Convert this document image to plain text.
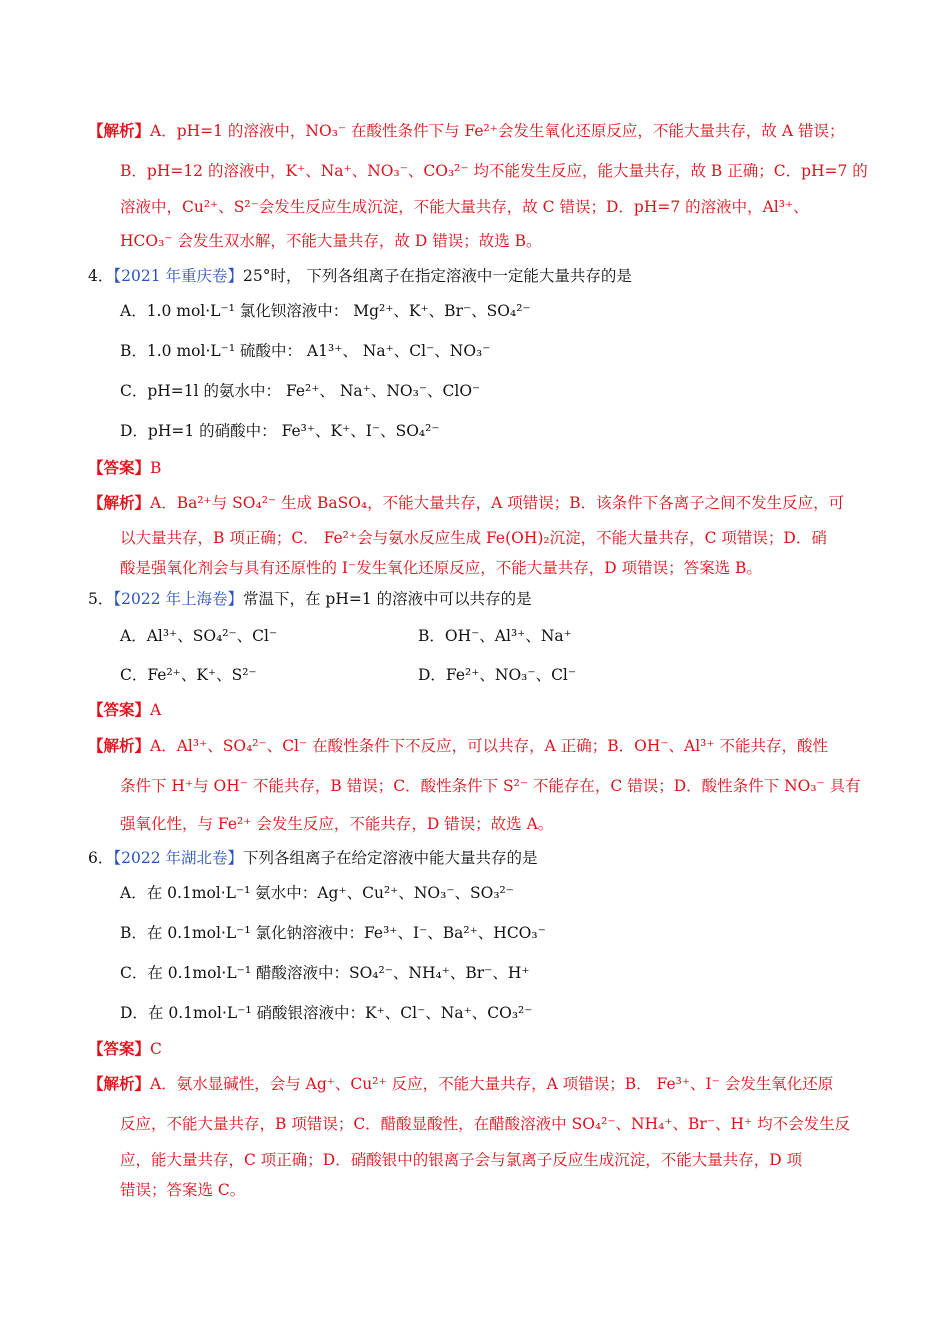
【解析】A．pH=1 的溶液中，NO₃⁻ 在酸性条件下与 Fe²⁺会发生氧化还原反应，不能大量共存，故 A 错误；
B．pH=12 的溶液中，K⁺、Na⁺、NO₃⁻、CO₃²⁻ 均不能发生反应，能大量共存，故 B 正确；C．pH=7 的
溶液中，Cu²⁺、S²⁻会发生反应生成沉淀，不能大量共存，故 C 错误；D．pH=7 的溶液中，Al³⁺、
HCO₃⁻ 会发生双水解，不能大量共存，故 D 错误；故选 B。
4．【2021 年重庆卷】25°时， 下列各组离子在指定溶液中一定能大量共存的是
A．1.0 mol·L⁻¹ 氯化钡溶液中： Mg²⁺、K⁺、Br⁻、SO₄²⁻
B．1.0 mol·L⁻¹ 硫酸中： A1³⁺、 Na⁺、Cl⁻、NO₃⁻
C．pH=1l 的氨水中： Fe²⁺、 Na⁺、NO₃⁻、ClO⁻
D．pH=1 的硝酸中： Fe³⁺、K⁺、I⁻、SO₄²⁻
【答案】B
【解析】A．Ba²⁺与 SO₄²⁻ 生成 BaSO₄，不能大量共存，A 项错误；B．该条件下各离子之间不发生反应，可
以大量共存，B 项正确；C． Fe²⁺会与氨水反应生成 Fe(OH)₂沉淀，不能大量共存，C 项错误；D．硝
酸是强氧化剂会与具有还原性的 I⁻发生氧化还原反应，不能大量共存，D 项错误；答案选 B。
5．【2022 年上海卷】常温下，在 pH=1 的溶液中可以共存的是
A．Al³⁺、SO₄²⁻、Cl⁻	B．OH⁻、Al³⁺、Na⁺
C．Fe²⁺、K⁺、S²⁻	D．Fe²⁺、NO₃⁻、Cl⁻
【答案】A
【解析】A．Al³⁺、SO₄²⁻、Cl⁻ 在酸性条件下不反应，可以共存，A 正确；B．OH⁻、Al³⁺ 不能共存，酸性
条件下 H⁺与 OH⁻ 不能共存，B 错误；C．酸性条件下 S²⁻ 不能存在，C 错误；D．酸性条件下 NO₃⁻ 具有
强氧化性，与 Fe²⁺ 会发生反应，不能共存，D 错误；故选 A。
6．【2022 年湖北卷】下列各组离子在给定溶液中能大量共存的是
A．在 0.1mol·L⁻¹ 氨水中：Ag⁺、Cu²⁺、NO₃⁻、SO₃²⁻
B．在 0.1mol·L⁻¹ 氯化钠溶液中：Fe³⁺、I⁻、Ba²⁺、HCO₃⁻
C．在 0.1mol·L⁻¹ 醋酸溶液中：SO₄²⁻、NH₄⁺、Br⁻、H⁺
D．在 0.1mol·L⁻¹ 硝酸银溶液中：K⁺、Cl⁻、Na⁺、CO₃²⁻
【答案】C
【解析】A．氨水显碱性，会与 Ag⁺、Cu²⁺ 反应，不能大量共存，A 项错误；B． Fe³⁺、I⁻ 会发生氧化还原
反应，不能大量共存，B 项错误；C．醋酸显酸性，在醋酸溶液中 SO₄²⁻、NH₄⁺、Br⁻、H⁺ 均不会发生反
应，能大量共存，C 项正确；D．硝酸银中的银离子会与氯离子反应生成沉淀，不能大量共存，D 项
错误；答案选 C。
